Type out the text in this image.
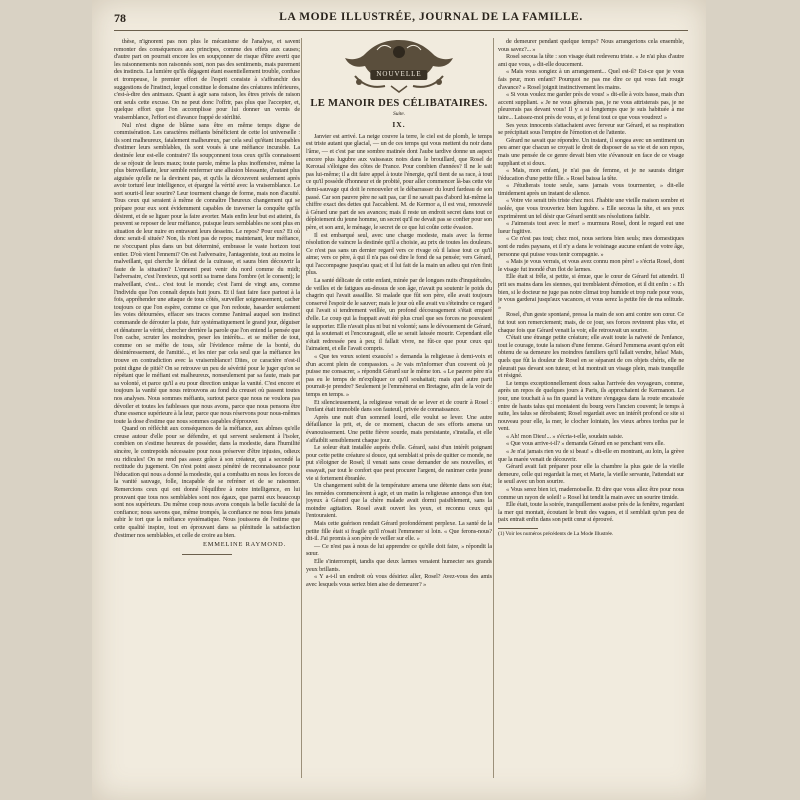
78	LA MODE ILLUSTRÉE, JOURNAL DE LA FAMILLE.

thèse, n'ignorent pas non plus le mécanisme de l'analyse, et savent remonter des conséquences aux principes, comme des effets aux causes; d'autre part on pourrait encore les en soupçonner de risque d'être averti que les raisonnements non raisonnés sont, non pas des sentiments, mais purement des instincts. La lumière qu'ils dégagent étant essentiellement trouble, confuse et trompeuse, le premier effort de l'esprit consiste à s'affranchir des suggestions de l'instinct, lequel constitue le domaine des créatures inférieures, c'est-à-dire des animaux. Quant à agir sans raison, les êtres privés de raison ont seuls cette excuse. On ne peut donc l'offrir, pas plus que l'accepter, et, quelque effort que l'on accomplisse pour lui donner un vernis de vraisemblance, l'effort est d'avance frappé de stérilité.

Nul n'est digne de blâme sans être en même temps digne de commisération. Les caractères méfiants bénéficient de cette loi universelle : ils sont malheureux, fatalement malheureux, par cela seul qu'étant incapables d'estimer leurs semblables, ils sont voués à une méfiance incurable. La destinée leur est-elle contraire? Ils soupçonnent tous ceux qu'ils connaissent de se réjouir de leurs maux; toute parole, même la plus inoffensive, même la plus bienveillante, leur semble renfermer une allusion blessante, d'autant plus aiguisée qu'elle ne la devinent pas, et qu'ils la découvrent seulement après avoir torturé leur intelligence, et épargné la vérité avec la vraisemblance. Le sort sourit-il leur sourire? Leur tourment change de forme, mais non d'acuité. Tous ceux qui seraient à même de connaître l'heureux changement qui se prépare pour eux sont évidemment capables de traverser la conquête qu'ils désirent, et de se liguer pour la faire avorter. Mais enfin leur but est atteint, ils peuvent se reposer de leur méfiance, puisque leurs semblables ne sont plus en situation de leur nuire en entravant leurs desseins. Le repos? Pour eux? Et où donc serait-il située? Non, ils n'ont pas de repos; maintenant, leur méfiance, ne s'occupant plus dans un but déterminé, embrasse le vaste horizon tout entier. D'où vient l'ennemi? On est l'adversaire, l'antagoniste, tout au moins le malveillant, qui cherche le défaut de la cuirasse, et saura bien découvrir la faute de la situation? L'ennemi peut venir du nord comme du midi; l'adversaire, c'est l'envieux, qui sortit sa trame dans l'ombre (et le consent); le malveillant, c'est... c'est tout le monde; c'est l'ami de vingt ans, comme l'individu que l'on connaît depuis huit jours. Et il faut faire face partout à la fois, appréhender une attaque de tous côtés, surveiller soigneusement, cacher toujours ce que l'on espère, comme ce que l'on redoute, hasarder seulement les voies détournées, effacer ses traces comme l'animal auquel son instinct commande de dérouter la piste, fuir systématiquement le grand jour, déguiser et dénaturer la vérité, chercher derrière la parole que l'on entend la pensée que l'on cache, scruter les moindres, peser les intérêts... et se méfier de tout, comme on se méfie de tous, sûr l'évidence même de la bonté, du désintéressement, de l'amitié..., et les nier par cela seul que la méfiance les trouve en contradiction avec la vraisemblance! Dites, ce caractère n'est-il point digne de pitié? On se retrouve un peu de sévérité pour le juger qu'on se répétant que le méfiant est malheureux, nonseulement par sa faute, mais par sa volonté, et parce qu'il a eu pour direction unique la vanité. C'est encore et toujours la vanité que nous retrouvons au fond du creuset où passent toutes nos analyses. Nous sommes méfiants, surtout parce que nous ne voulons pas dévoiler et toutes les faiblesses que nous avons, parce que nous pensons être d'une essence supérieure à la leur, parce que nous réservons pour nous-mêmes toute la dose d'estime que nous sommes capables d'éprouver.

Quand on réfléchit aux conséquences de la méfiance, aux abîmes qu'elle creuse autour d'elle pour se défendre, et qui servent seulement à l'isoler, combien on s'estime heureux de posséder, dans la modestie, dans l'humilité sincère, le contrepoids nécessaire pour nous préserver d'être injustes, odieux ou ridicules! On ne rend pas assez grâce à son créateur, qui a secondé la rectitude du jugement. On n'est point assez pénétré de reconnaissance pour l'éducation qui nous a donné la modestie, qui a combattu en nous les forces de la vanité sauvage, folle, incapable de se refréner et de se raisonner. Remercions ceux qui ont donné l'équilibre à notre intelligence, en lui prouvant que tous nos semblables sont nos égaux, que parmi eux beaucoup sont nos supérieurs. Du même coup nous avons conquis la belle faculté de la confiance; nous savons que, même trompés, la confiance ne nous fera jamais subir le tort que la méfiance systématique. Nous jouissons de l'estime que cette qualité inspire, tout en éprouvant dans sa plénitude la satisfaction d'estimer nos semblables, et celle de croire au bien.

EMMELINE RAYMOND.
NOUVELLE
LE MANOIR DES CÉLIBATAIRES.
Suite.
IX.

Janvier est arrivé. La neige couvre la terre, le ciel est de plomb, le temps est triste autant que glacial, — un de ces temps qui vous mettent du noir dans l'âme, — et c'est par une sombre matinée dont l'aube tardive donne un aspect encore plus lugubre aux vaisseaux noirs dans le brouillard, que Rosel de Keroual s'éloigne des côtes de France. Pour combien d'années? Il ne le sait pas lui-même; il a dit faire appel à toute l'énergie, qu'il tient de sa race, à tout ce qu'il possède d'honneur et de probité, pour aller commencer là-bas cette vie demi-sauvage qui doit le renouveler et le débarrasser du lourd fardeau de son passé. Car son pauvre père ne sait pas, car il ne savait pas d'abord lui-même la chiffre exact des dettes qui l'accablent. M. de Kermor a, il est vrai, renouvelé à Gérard une part de ses avances; mais il reste un endroit secret dans tout ce déploiement du jeune homme, un secret qu'il ne devait pas se confier pour son père, et son ami, le ménage, le secret de ce que lui coûte cette évasion.

Il est embarqué seul, avec une charge modeste, mais avec la ferme résolution de vaincre la destinée qu'il a choisie, au prix de toutes les douleurs. Ce n'est pas sans un dernier regard vers ce rivage où il laisse tout ce qu'il aime; vers ce père, à qui il n'a pas osé dire le fond de sa pensée; vers Gérard, qui l'accompagne jusqu'au quai; et il lui fait de la main un adieu qui n'en finit plus.

La santé délicate de cette enfant, minée par de longues nuits d'inquiétudes, de veilles et de fatigues au-dessus de son âge, n'avait pu soutenir le poids du chagrin qui l'avait assaillie. Si malade que fût son père, elle avait toujours conservé l'espoir de le sauver; mais le jour où elle avait vu s'éteindre ce regard qui l'avait si tendrement veillée, un profond découragement s'était emparé d'elle. Le coup qui la frappait avait été plus cruel que ses forces ne pouvaient le supporter. Elle n'avait plus ni but ni volonté; sans le dévouement de Gérard, qui la soutenait et l'encourageait, elle se serait laissée mourir. Cependant elle s'était redressée peu à peu; il fallait vivre, ne fût-ce que pour ceux qui l'aimaient, et elle l'avait compris.

« Que tes vœux soient exaucés! » demanda la religieuse à demi-voix et d'un accent plein de compassion. « Je vais m'informer d'un couvent où je puisse me consacrer, » répondit Gérard sur le même ton. « Le pauvre père n'a pas eu le temps de m'expliquer ce qu'il souhaitait; mais quel autre parti pourrait-je prendre? Seulement je l'emmènerai en Bretagne, afin de la voir de temps en temps. »

Et silencieusement, la religieuse venait de se lever et de courir à Rosel : l'enfant était immobile dans son fauteuil, privée de connaissance.

Après une nuit d'un sommeil lourd, elle voulut se lever. Une autre défaillance la prit, et, de ce moment, chacun de ses efforts amena un évanouissement. Une petite fièvre sourde, mais persistante, s'installa, et elle s'affaiblit sensiblement chaque jour.

Le soleur était installée auprès d'elle. Gérard, saisi d'un intérêt poignant pour cette petite créature si douce, qui semblait si près de quitter ce monde, ne put s'éloigner de Rosel; il venait sans cesse demander de ses nouvelles, et essayait, par tout le confort que peut procurer l'argent, de ranimer cette jeune vie si fortement ébranlée.

Un changement subit de la température amena une détente dans son état; les remèdes commencèrent à agir, et un matin la religieuse annonça d'un ton joyeux à Gérard que la chère malade avait dormi paisiblement, sans la moindre agitation. Rosel avait ouvert les yeux, et reconnu ceux qui l'entouraient.

Mais cette guérison rendait Gérard profondément perplexe. La santé de la petite fille était si fragile qu'il n'osait l'emmener si loin. « Que ferons-nous? dit-il. J'ai promis à son père de veiller sur elle. »

— Ce n'est pas à nous de lui apprendre ce qu'elle doit faire, » répondit la sœur.

Elle s'interrompit, tandis que deux larmes venaient humecter ses grands yeux brillants.

« Y a-t-il un endroit où vous désiriez aller, Rosel? Avez-vous des amis avec lesquels vous seriez bien aise de demeurer? »

de demeurer pendant quelque temps? Nous arrangerions cela ensemble, vous savez?... »

Rosel secoua la tête : son visage était redevenu triste. « Je n'ai plus d'autre ami que vous, » dit-elle doucement.

« Mais vous songiez à un arrangement... Quel est-il? Est-ce que je vous fais peur, mon enfant? Pourquoi ne pas me dire ce qui vous fait rougir d'avance? » Rosel joignit instinctivement les mains.

« Si vous voulez me garder près de vous! » dit-elle à voix basse, mais d'un accent suppliant. « Je ne vous gênerais pas, je ne vous attristerais pas, je ne pleurerais pas devant vous! Il y a si longtemps que je suis habituée à me taire... Laissez-moi près de vous, et je ferai tout ce que vous voudrez! »

Ses yeux innocents s'attachaient avec ferveur sur Gérard, et sa respiration se précipitait sous l'empire de l'émotion et de l'attente.

Gérard ne savait que répondre. Un instant, il songea avec un sentiment un peu amer que chacun se croyait le droit de disposer de sa vie et de son repos, mais une pensée de ce genre devait bien vite s'évanouir en face de ce visage suppliant et si doux.

« Mais, mon enfant, je n'ai pas de femme, et je ne saurais diriger l'éducation d'une petite fille. » Rosel baissa la tête.

« J'étudierais toute seule, sans jamais vous tourmenter, » dit-elle timidement après un instant de silence.

« Votre vie serait très triste chez moi. J'habite une vieille maison sombre et isolée, que vous trouveriez bien lugubre. » Elle secoua la tête, et ses yeux exprimèrent un tel désir que Gérard sentit ses résolutions faiblir.

« J'aimerais tout avec le mer! » murmura Rosel, dont le regard eut une lueur fugitive.

« Ce n'est pas tout; chez moi, nous serions bien seuls; mes domestiques sont de rudes paysans, et il n'y a dans le voisinage aucune enfant de votre âge, personne qui puisse vous tenir compagnie. »

« Mais je vous verrais, et vous avez connu mon père! » s'écria Rosel, dont le visage fut inondé d'un flot de larmes.

Elle était si frêle, si petite, si émue, que le cœur de Gérard fut attendri. Il prit ses mains dans les siennes, qui tremblaient d'émotion, et il dit enfin : « Eh bien, si le docteur ne juge pas notre climat trop humide et trop rude pour vous, je vous garderai jusqu'aux vacances, et vous serez la petite fée de ma solitude. »

Rosel, d'un geste spontané, pressa la main de son ami contre son cœur. Ce fut tout son remerciement; mais, de ce jour, ses forces revinrent plus vite, et chaque fois que Gérard venait la voir, elle retrouvait un sourire.

C'était une étrange petite créature; elle avait toute la naïveté de l'enfance, tout le courage, toute la raison d'une femme. Gérard l'emmena avant qu'on eût obtenu de sa demeure les moindres familiers qu'il fallait vendre, hélas! Mais, quels que fût la douleur de Rosel en se séparant de ces objets chéris, elle ne pleurait pas devant son tuteur, et lui montrait un visage plein, mais tranquille et résigné.

Le temps exceptionnellement doux salua l'arrivée des voyageurs, comme, après un repos de quelques jours à Paris, ils approchaient de Kermanon. Le jour, une touchait à sa fin quand la voiture s'engagea dans la route encaissée entre de hauts talus qui montaient du bourg vers l'ancien couvent; le temps à suite, les talus se dérobaient; Rosel regardait avec un intérêt profond ce site si nouveau pour elle, la mer, le clocher lointain, les vieux arbres tordus par le vent.

« Ah! mon Dieu!... » s'écria-t-elle, soudain saisie.

« Que vous arrive-t-il? » demanda Gérard en se penchant vers elle.

« Je n'ai jamais rien vu de si beau! » dit-elle en montrant, au loin, la grève que la marée venait de découvrir.

Gérard avait fait préparer pour elle la chambre la plus gaie de la vieille demeure, celle qui regardait la mer, et Marie, la vieille servante, l'attendait sur le seuil avec un bon sourire.

« Vous serez bien ici, mademoiselle. Et dire que vous allez être pour nous comme un rayon de soleil! » Rosel lui tendit la main avec un sourire timide.

Elle était, toute la soirée, tranquillement assise près de la fenêtre, regardant la mer qui montait, écoutant le bruit des vagues, et il semblait qu'un peu de paix entrait enfin dans son petit cœur si éprouvé.

(1) Voir les numéros précédents de La Mode Illustrée.
